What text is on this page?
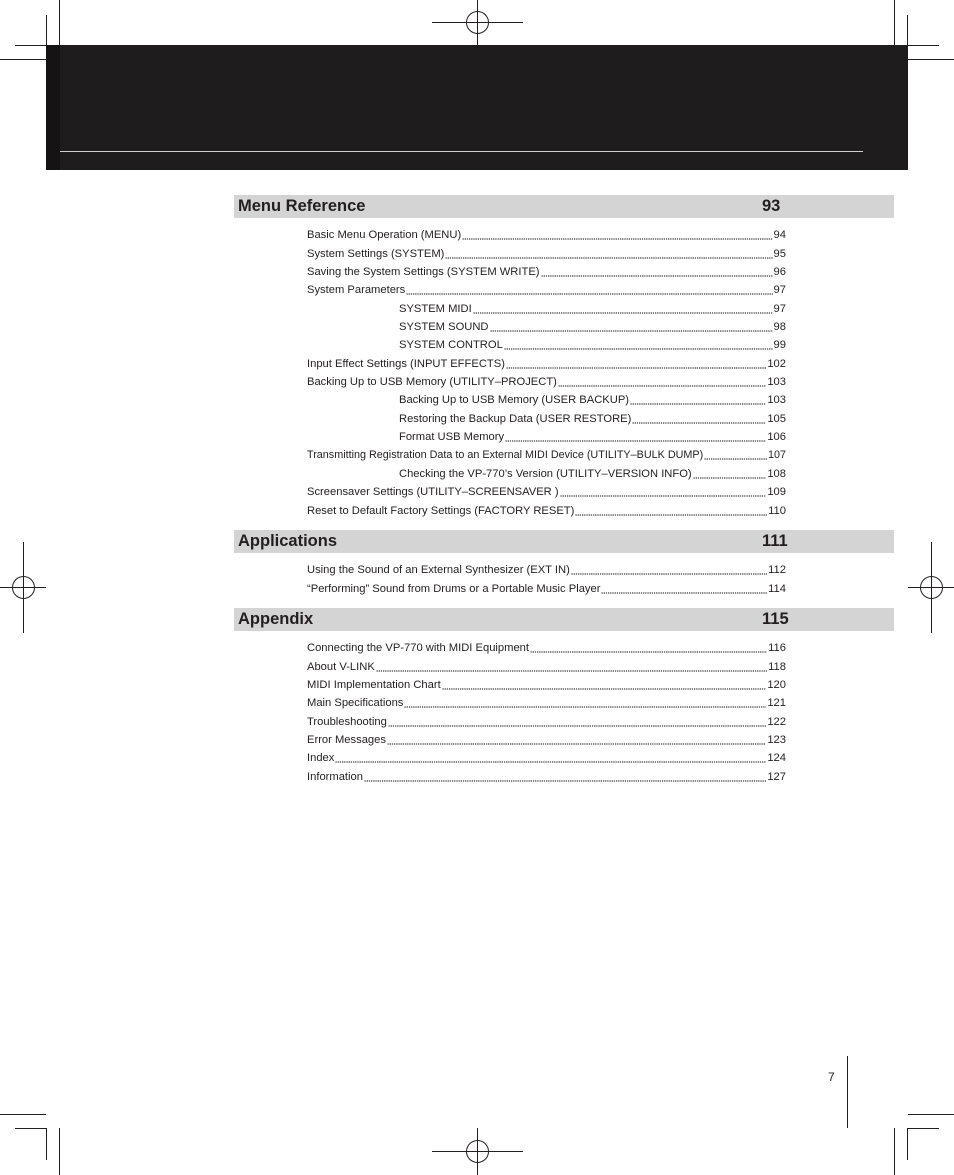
Menu Reference	93
Applications	111
Appendix	115
Basic Menu Operation (MENU)	94
System Settings (SYSTEM)	95
Saving the System Settings (SYSTEM WRITE)	96
System Parameters	97
SYSTEM MIDI	97
SYSTEM SOUND	98
SYSTEM CONTROL	99
Input Effect Settings (INPUT EFFECTS)	102
Backing Up to USB Memory (UTILITY–PROJECT)	103
Backing Up to USB Memory (USER BACKUP)	103
Restoring the Backup Data (USER RESTORE)	105
Format USB Memory	106
Transmitting Registration Data to an External MIDI Device (UTILITY–BULK DUMP)	107
Checking the VP-770’s Version (UTILITY–VERSION INFO)	108
Screensaver Settings (UTILITY–SCREENSAVER )	109
Reset to Default Factory Settings (FACTORY RESET)	110
Using the Sound of an External Synthesizer (EXT IN)	112
“Performing” Sound from Drums or a Portable Music Player	114
Connecting the VP-770 with MIDI Equipment	116
About V-LINK	118
MIDI Implementation Chart	120
Main Specifications	121
Troubleshooting	122
Error Messages	123
Index	124
Information	127
7
